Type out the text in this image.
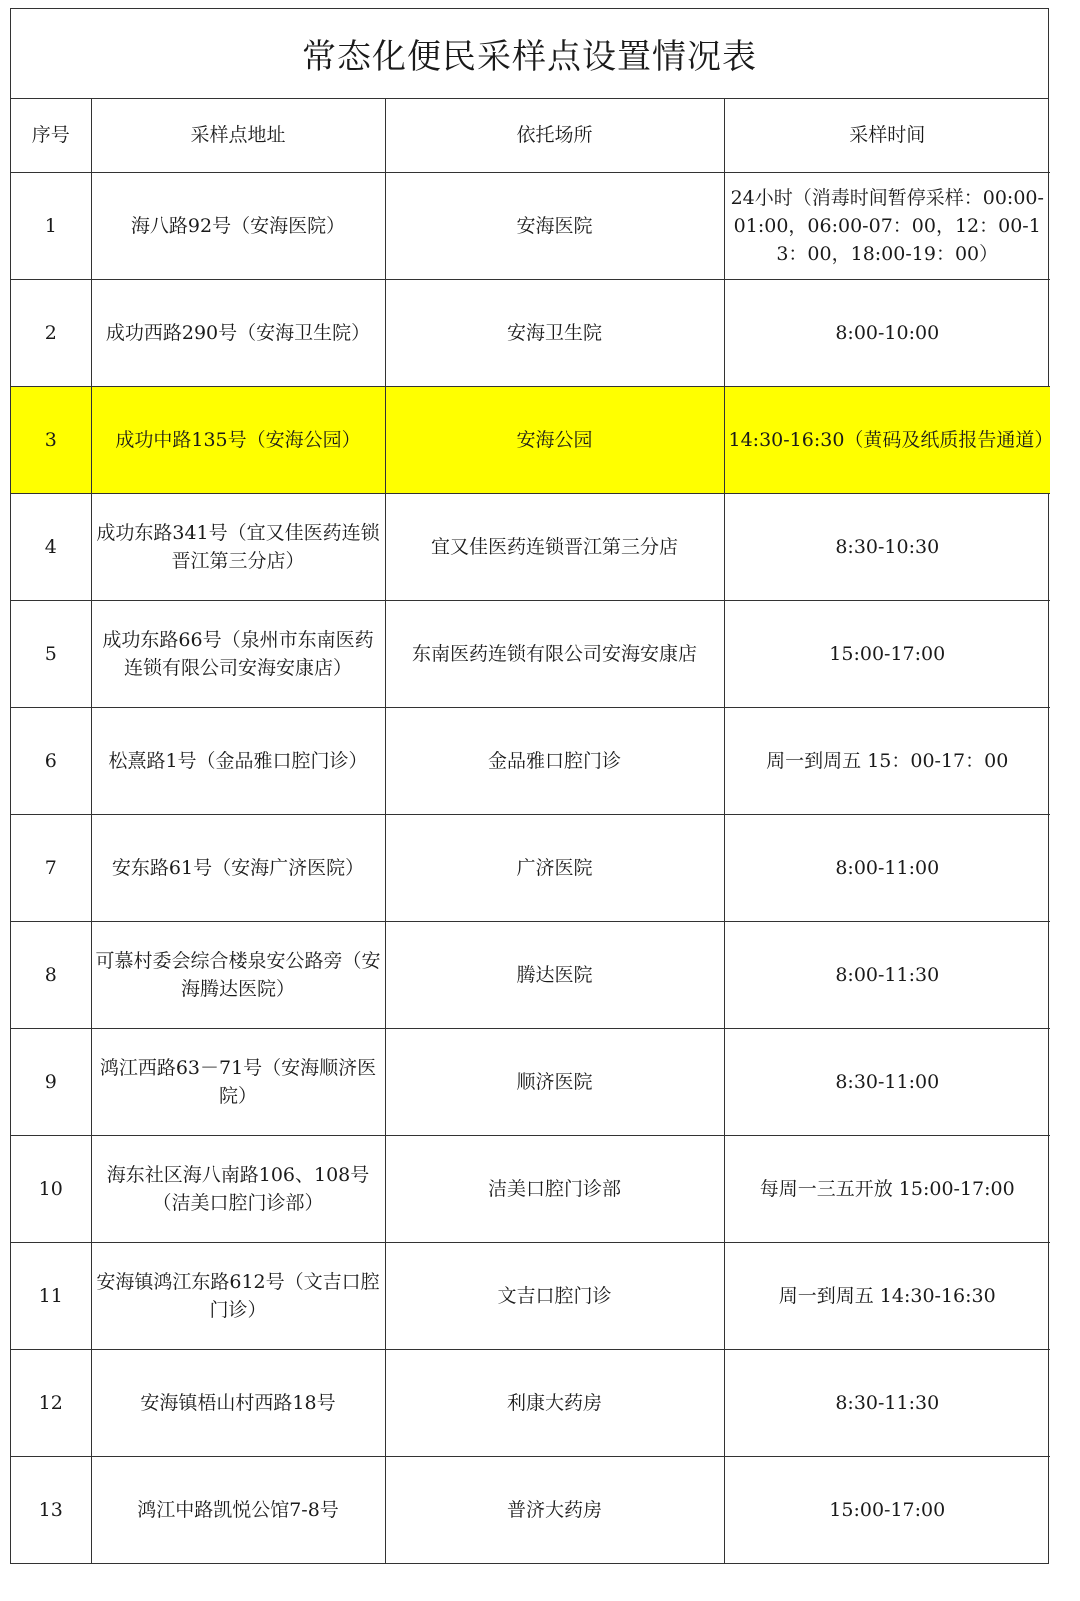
常态化便民采样点设置情况表
序号	采样点地址	依托场所	采样时间
1	海八路92号（安海医院）	安海医院	24小时（消毒时间暂停采样：00:00-01:00，06:00-07：00，12：00-13：00，18:00-19：00）
2	成功西路290号（安海卫生院）	安海卫生院	8:00-10:00
3	成功中路135号（安海公园）	安海公园	14:30-16:30（黄码及纸质报告通道）
4	成功东路341号（宜又佳医药连锁晋江第三分店）	宜又佳医药连锁晋江第三分店	8:30-10:30
5	成功东路66号（泉州市东南医药连锁有限公司安海安康店）	东南医药连锁有限公司安海安康店	15:00-17:00
6	松熹路1号（金品雅口腔门诊）	金品雅口腔门诊	周一到周五 15：00-17：00
7	安东路61号（安海广济医院）	广济医院	8:00-11:00
8	可慕村委会综合楼泉安公路旁（安海腾达医院）	腾达医院	8:00-11:30
9	鸿江西路63－71号（安海顺济医院）	顺济医院	8:30-11:00
10	海东社区海八南路106、108号（洁美口腔门诊部）	洁美口腔门诊部	每周一三五开放 15:00-17:00
11	安海镇鸿江东路612号（文吉口腔门诊）	文吉口腔门诊	周一到周五 14:30-16:30
12	安海镇梧山村西路18号	利康大药房	8:30-11:30
13	鸿江中路凯悦公馆7-8号	普济大药房	15:00-17:00
